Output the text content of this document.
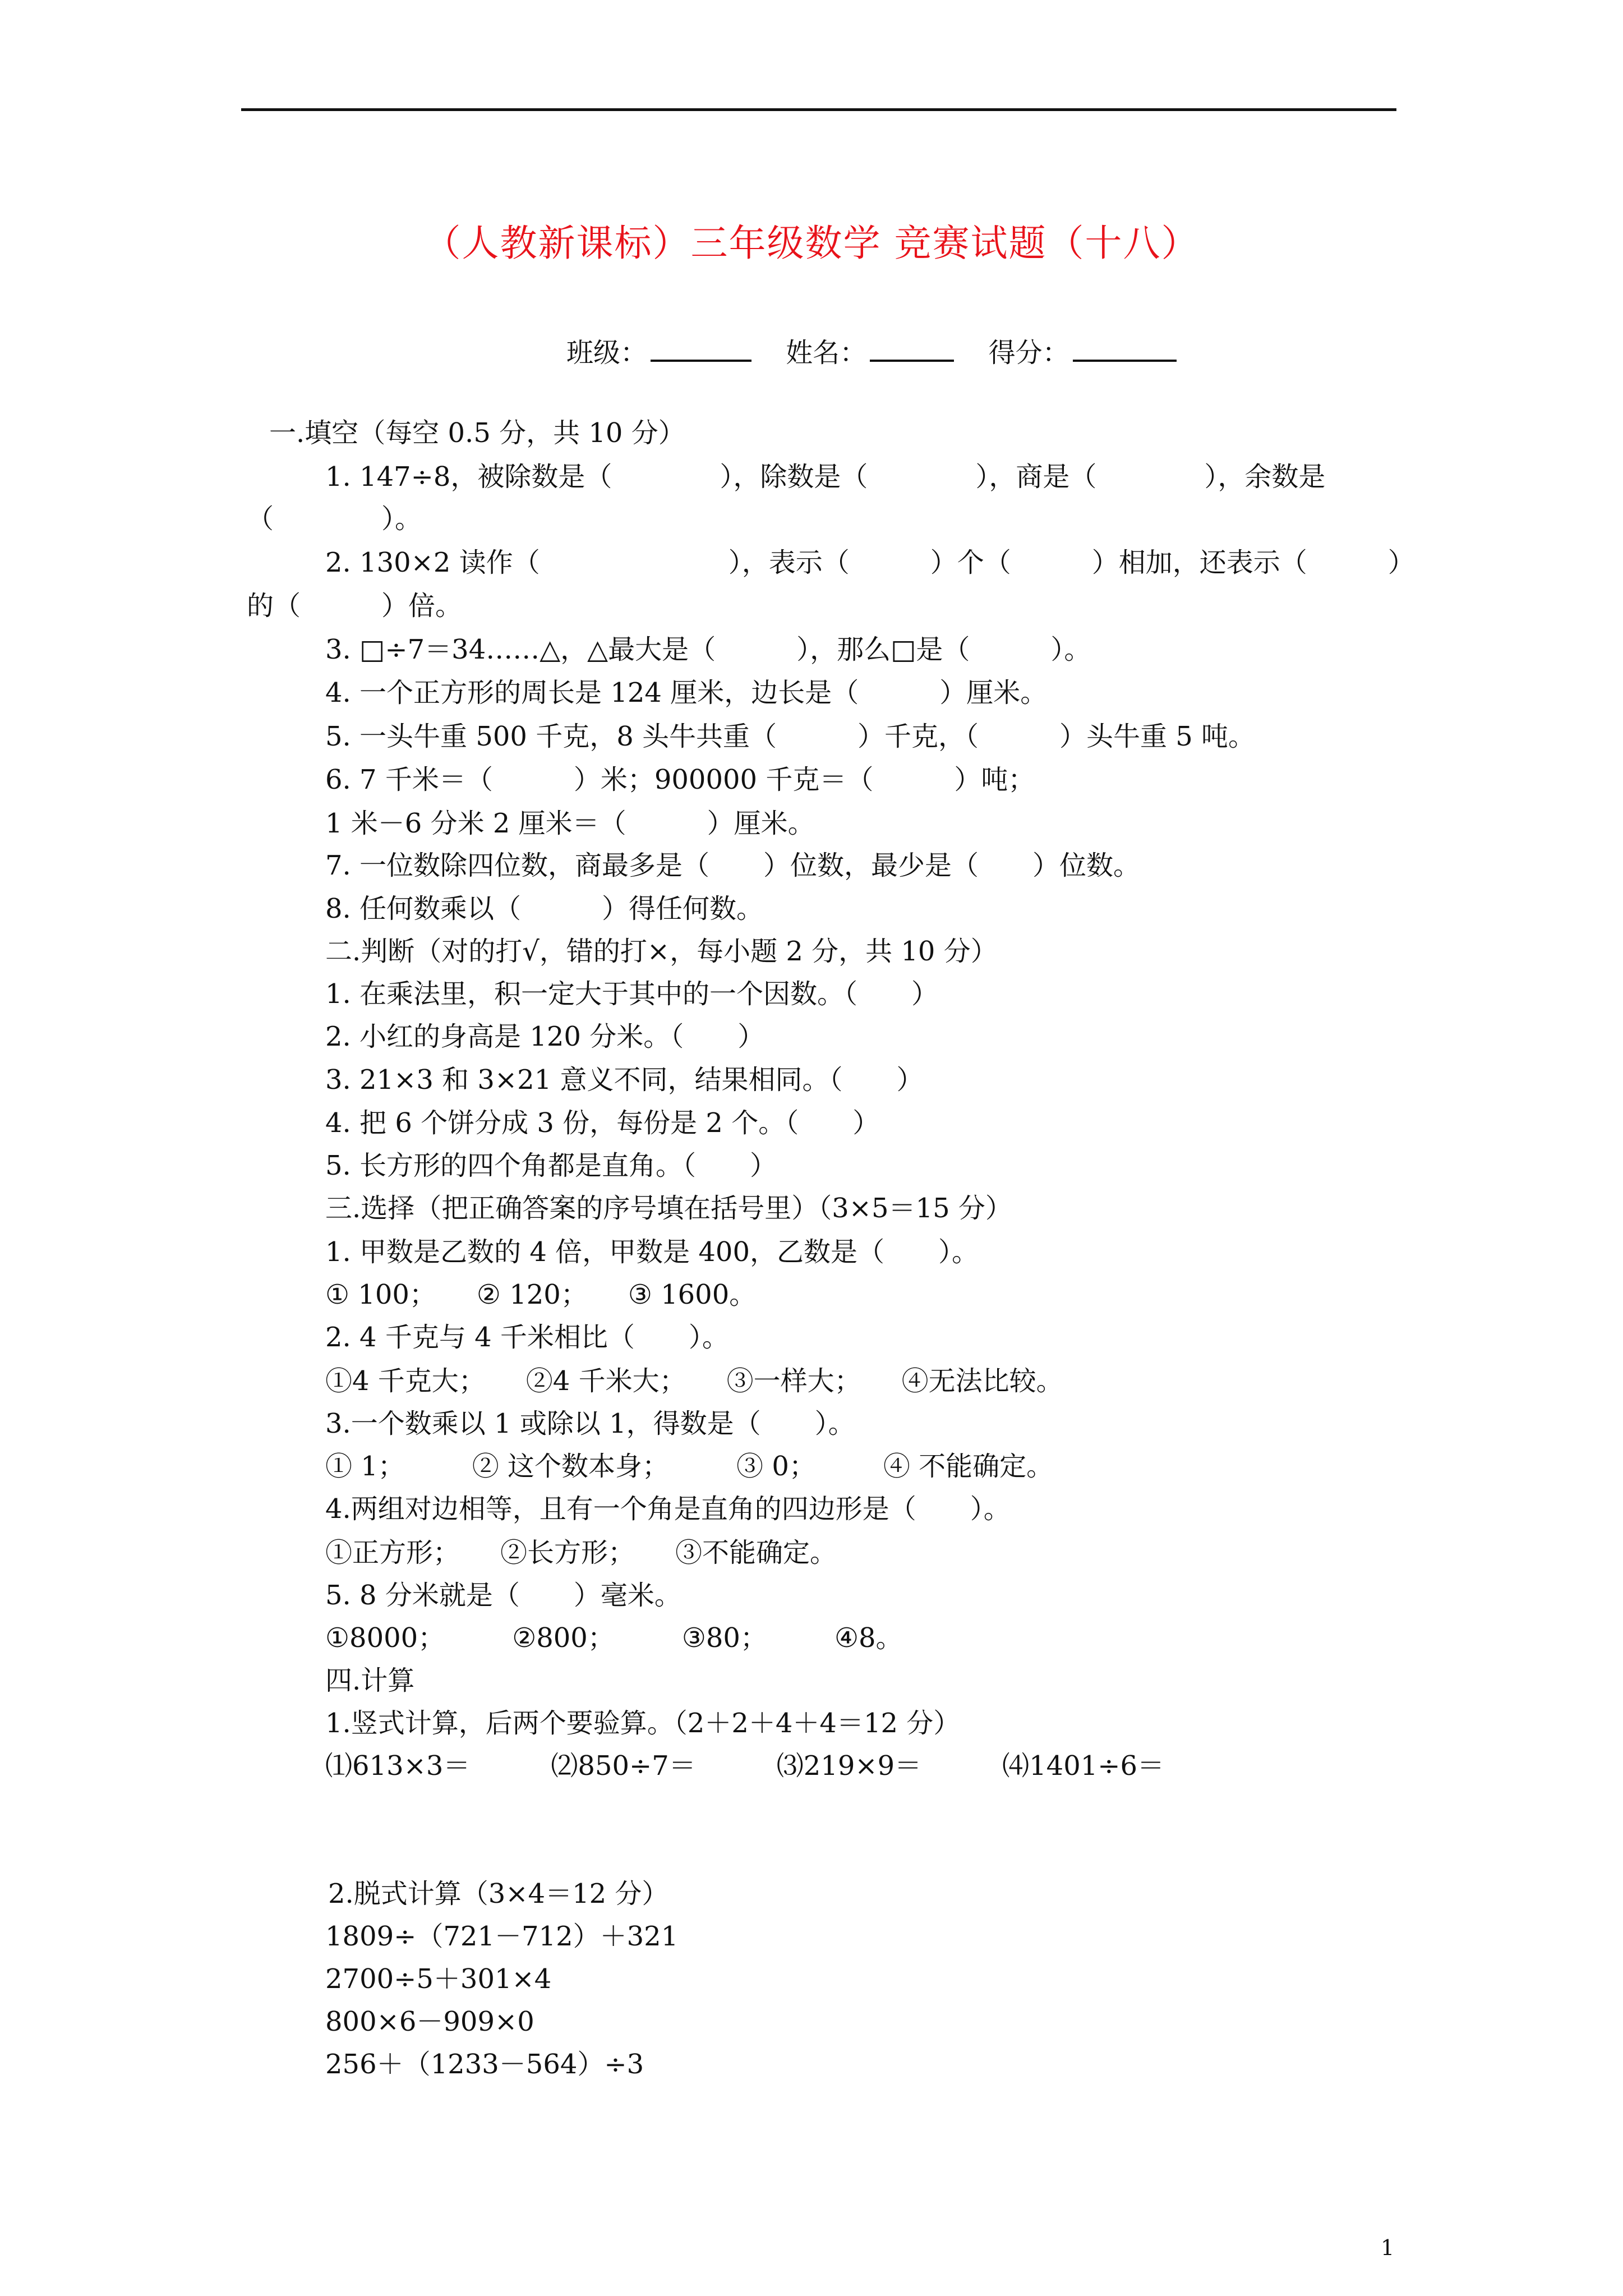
（人教新课标）三年级数学 竞赛试题（十八）
班级：	姓名：	得分：
一.填空（每空 0.5 分，共 10 分）
1. 147÷8，被除数是（　　　　），除数是（　　　　），商是（　　　　），余数是
（　　　　）。
2. 130×2 读作（　　　　　　　），表示（　　　）个（　　　）相加，还表示（　　　）
的（　　　）倍。
3. □÷7＝34……△，△最大是（　　　），那么□是（　　　）。
4. 一个正方形的周长是 124 厘米，边长是（　　　）厘米。
5. 一头牛重 500 千克，8 头牛共重（　　　）千克，（　　　）头牛重 5 吨。
6. 7 千米＝（　　　）米；900000 千克＝（　　　）吨；
1 米－6 分米 2 厘米＝（　　　）厘米。
7. 一位数除四位数，商最多是（　　）位数，最少是（　　）位数。
8. 任何数乘以（　　　）得任何数。
二.判断（对的打√，错的打×，每小题 2 分，共 10 分）
1. 在乘法里，积一定大于其中的一个因数。（　　）
2. 小红的身高是 120 分米。（　　）
3. 21×3 和 3×21 意义不同，结果相同。（　　）
4. 把 6 个饼分成 3 份，每份是 2 个。（　　）
5. 长方形的四个角都是直角。（　　）
三.选择（把正确答案的序号填在括号里）（3×5＝15 分）
1. 甲数是乙数的 4 倍，甲数是 400，乙数是（　　）。
① 100；　　② 120；　　③ 1600。
2. 4 千克与 4 千米相比（　　）。
①4 千克大；　　②4 千米大；　　③一样大；　　④无法比较。
3.一个数乘以 1 或除以 1，得数是（　　）。
① 1；　　　② 这个数本身；　　　③ 0；　　　④ 不能确定。
4.两组对边相等，且有一个角是直角的四边形是（　　）。
①正方形；　　②长方形；　　③不能确定。
5. 8 分米就是（　　）毫米。
①8000；　　　②800；　　　③80；　　　④8。
四.计算
1.竖式计算，后两个要验算。（2＋2＋4＋4＝12 分）
⑴613×3＝　　　⑵850÷7＝　　　⑶219×9＝　　　⑷1401÷6＝
2.脱式计算（3×4＝12 分）
1809÷（721－712）＋321
2700÷5＋301×4
800×6－909×0
256＋（1233－564）÷3
1
